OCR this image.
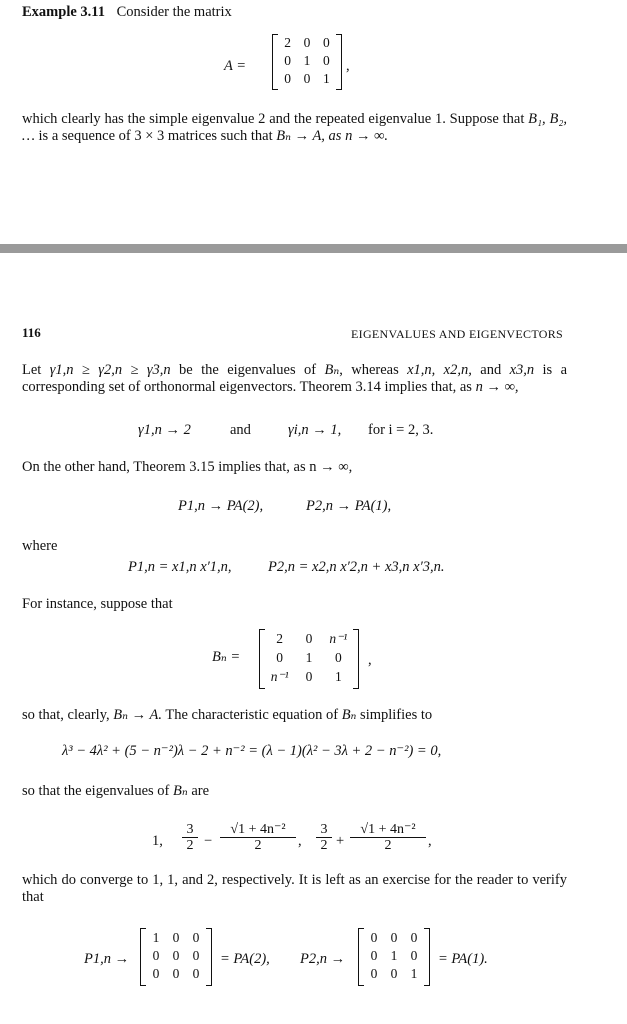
Example 3.11 Consider the matrix
A =
2 0 0
0 1 0
0 0 1
,
which clearly has the simple eigenvalue 2 and the repeated eigenvalue 1. Suppose that B₁, B₂, … is a sequence of 3 × 3 matrices such that Bₙ → A, as n → ∞.
116	EIGENVALUES AND EIGENVECTORS
Let γ1,n ≥ γ2,n ≥ γ3,n be the eigenvalues of Bₙ, whereas x1,n, x2,n, and x3,n is a corresponding set of orthonormal eigenvectors. Theorem 3.14 implies that, as n → ∞,
γ1,n → 2	and	γi,n → 1, for i = 2, 3.
On the other hand, Theorem 3.15 implies that, as n → ∞,
P1,n → PA(2),	P2,n → PA(1),
where
P1,n = x1,n x′1,n,	P2,n = x2,n x′2,n + x3,n x′3,n.
For instance, suppose that
Bₙ =
2	0	n⁻¹
0	1	0
n⁻¹	0	1
,
so that, clearly, Bₙ → A. The characteristic equation of Bₙ simplifies to
λ³ − 4λ² + (5 − n⁻²)λ − 2 + n⁻² = (λ − 1)(λ² − 3λ + 2 − n⁻²) = 0,
so that the eigenvalues of Bₙ are
1, $\frac{3}{2} - \frac{\text{√1 + 4n⁻²}}{2}$ , $\frac{3}{2} + \frac{\text{√1 + 4n⁻²}}{2}$ ,
which do converge to 1, 1, and 2, respectively. It is left as an exercise for the reader to verify that
P1,n →
1 0 0
0 0 0
0 0 0
= PA(2), P2,n →
0 0 0
0 1 0
0 0 1
= PA(1).
